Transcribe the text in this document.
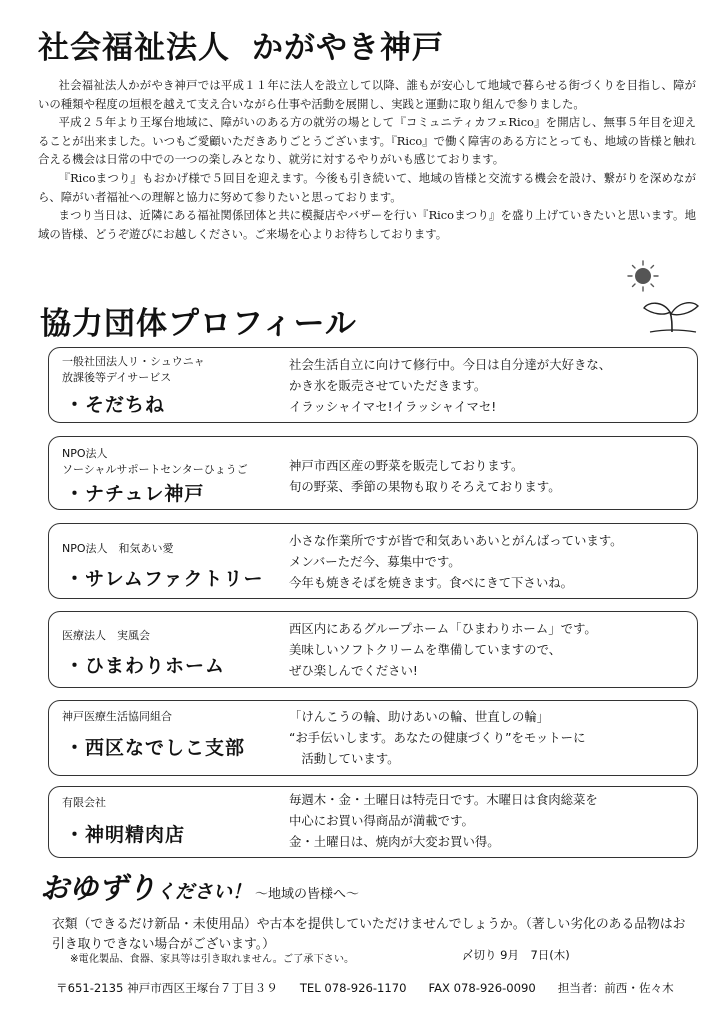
社会福祉法人 かがやき神戸

社会福祉法人かがやき神戸では平成１１年に法人を設立して以降、誰もが安心して地域で暮らせる街づくりを目指し、障がいの種類や程度の垣根を越えて支え合いながら仕事や活動を展開し、実践と運動に取り組んで参りました。

平成２５年より王塚台地域に、障がいのある方の就労の場として『コミュニティカフェRico』を開店し、無事５年目を迎えることが出来ました。いつもご愛顧いただきありごとうございます。『Rico』で働く障害のある方にとっても、地域の皆様と触れ合える機会は日常の中での一つの楽しみとなり、就労に対するやりがいも感じております。

『Ricoまつり』もおかげ様で５回目を迎えます。今後も引き続いて、地域の皆様と交流する機会を設け、繋がりを深めながら、障がい者福祉への理解と協力に努めて参りたいと思っております。

まつり当日は、近隣にある福祉関係団体と共に模擬店やバザーを行い『Ricoまつり』を盛り上げていきたいと思います。地域の皆様、どうぞ遊びにお越しください。ご来場を心よりお待ちしております。

協力団体プロフィール
一般社団法人リ・シュウニャ
放課後等デイサービス
・そだちね
社会生活自立に向けて修行中。今日は自分達が大好きな、
かき氷を販売させていただきます。
イラッシャイマセ!イラッシャイマセ!
NPO法人
ソーシャルサポートセンターひょうご
・ナチュレ神戸
神戸市西区産の野菜を販売しております。
旬の野菜、季節の果物も取りそろえております。
NPO法人　和気あい愛
・サレムファクトリー
小さな作業所ですが皆で和気あいあいとがんばっています。
メンバーただ今、募集中です。
今年も焼きそばを焼きます。食べにきて下さいね。
医療法人　実風会
・ひまわりホーム
西区内にあるグループホーム「ひまわりホーム」です。
美味しいソフトクリームを準備していますので、
ぜひ楽しんでください!
神戸医療生活協同組合
・西区なでしこ支部
「けんこうの輪、助けあいの輪、世直しの輪」
“お手伝いします。あなたの健康づくり”をモットーに
　活動しています。
有限会社
・神明精肉店
毎週木・金・土曜日は特売日です。木曜日は食肉総菜を
中心にお買い得商品が満載です。
金・土曜日は、焼肉が大変お買い得。
おゆずりください！ ～地域の皆様へ～
衣類（できるだけ新品・未使用品）や古本を提供していただけませんでしょうか。（著しい劣化のある品物はお引き取りできない場合がございます。）
※電化製品、食器、家具等は引き取れません。ご了承下さい。	〆切り 9月　7日(木)
〒651-2135 神戸市西区王塚台７丁目３９ TEL 078-926-1170 FAX 078-926-0090 担当者：前西・佐々木
